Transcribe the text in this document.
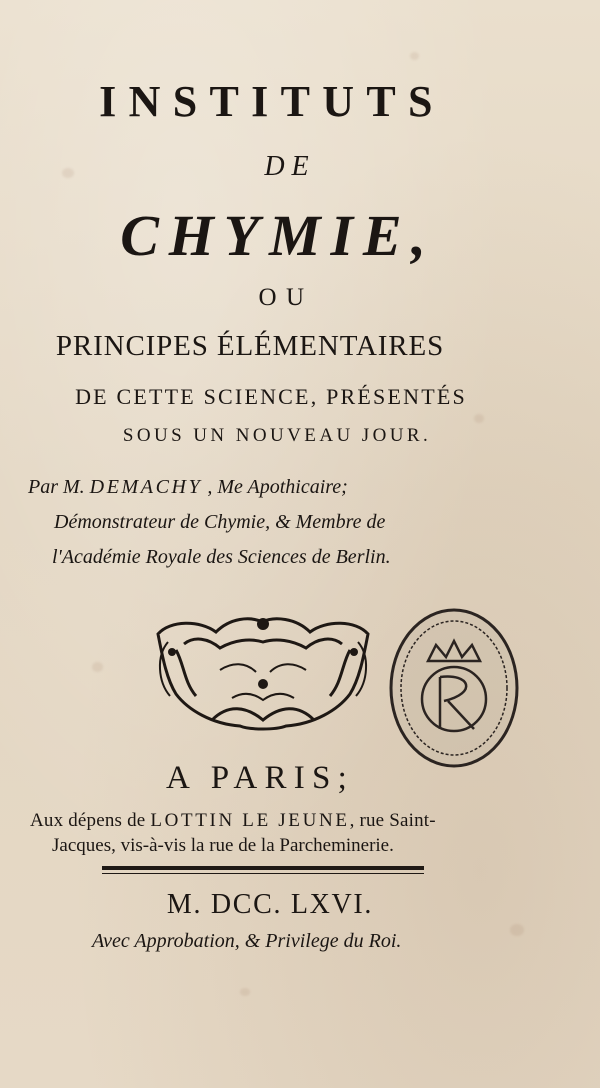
INSTITUTS
DE
CHYMIE,
OU
PRINCIPES ÉLÉMENTAIRES
DE CETTE SCIENCE, PRÉSENTÉS
SOUS UN NOUVEAU JOUR.
Par M. DEMACHY , Me Apothicaire;
Démonstrateur de Chymie, & Membre de
l'Académie Royale des Sciences de Berlin.
A PARIS;
Aux dépens de LOTTIN LE JEUNE, rue Saint-
Jacques, vis-à-vis la rue de la Parcheminerie.
M. DCC. LXVI.
Avec Approbation, & Privilege du Roi.
